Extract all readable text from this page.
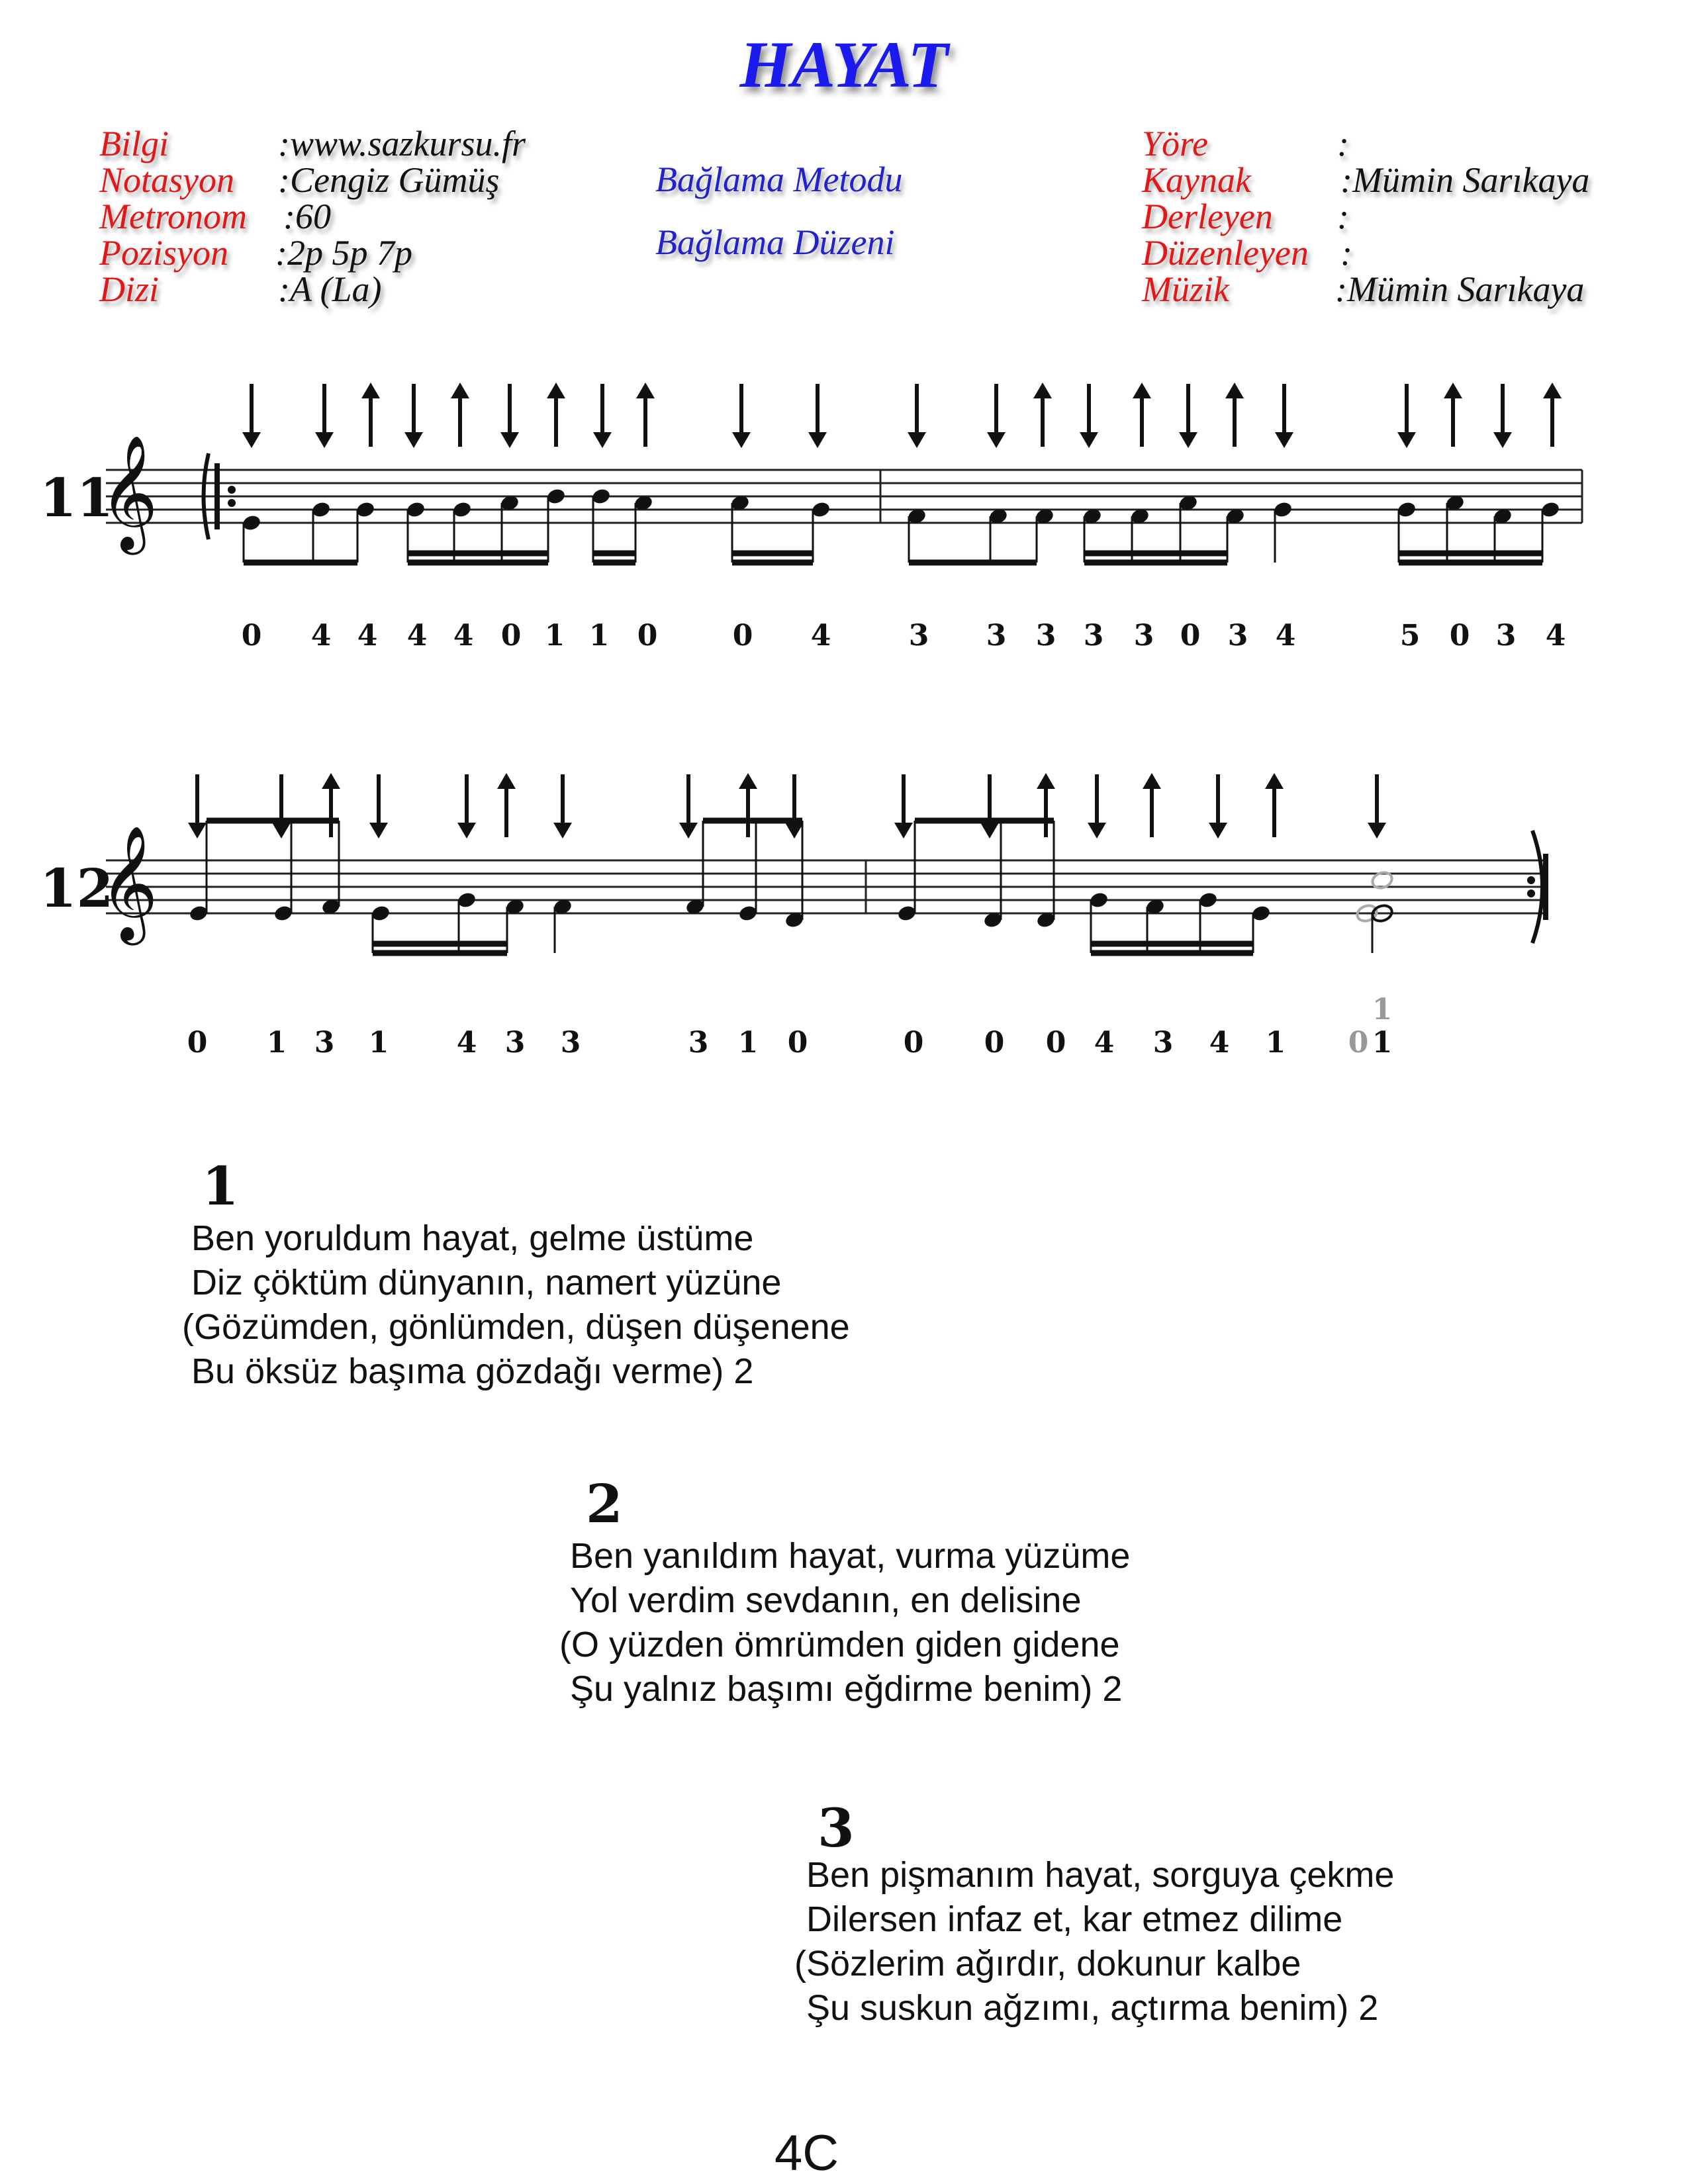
HAYAT
Bilgi	:www.sazkursu.fr
Notasyon :Cengiz Gümüş
Metronom :60
Pozisyon :2p 5p 7p
Dizi	:A (La)
Bağlama Metodu
Bağlama Düzeni
Yöre	:
Kaynak	:Mümin Sarıkaya
Derleyen :
Düzenleyen :
Müzik	:Mümin Sarıkaya
11
𝄞
0 4 4 4 4 0 1 1 0	0 4	3 3 3 3 3 0 3 4	5 0 3 4
12
𝄞
0 1 3 1 4 3 3	3 1 0	0 0 0 4 3 4 1 0 1
1
1
Ben yoruldum hayat, gelme üstüme
Diz çöktüm dünyanın, namert yüzüne
(Gözümden, gönlümden, düşen düşenene
Bu öksüz başıma gözdağı verme) 2
2
Ben yanıldım hayat, vurma yüzüme
Yol verdim sevdanın, en delisine
(O yüzden ömrümden giden gidene
Şu yalnız başımı eğdirme benim) 2
3
Ben pişmanım hayat, sorguya çekme
Dilersen infaz et, kar etmez dilime
(Sözlerim ağırdır, dokunur kalbe
Şu suskun ağzımı, açtırma benim) 2
4C
